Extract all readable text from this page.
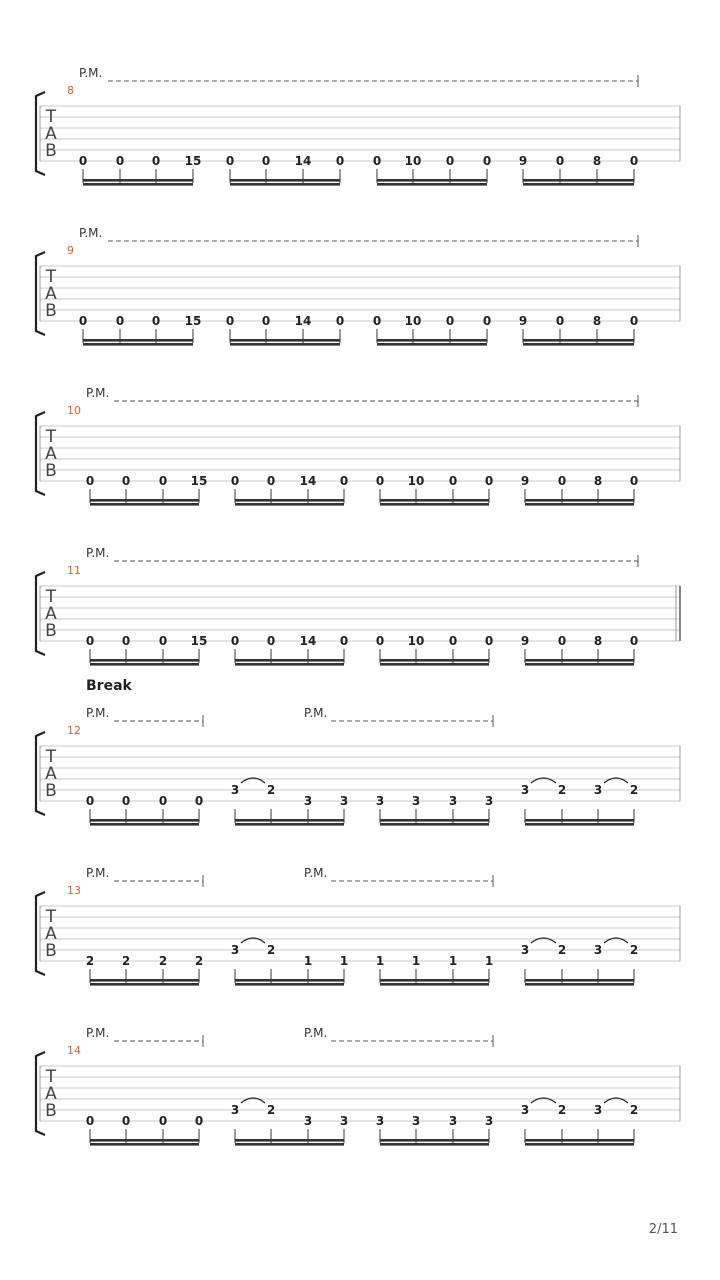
T
A
B
8
P.M.
0 0 0 15 0 0 14 0 0 10 0 0 9 0 8 0
T
A
B
9
P.M.
0 0 0 15 0 0 14 0 0 10 0 0 9 0 8 0
T
A
B
10
P.M.
0 0 0 15 0 0 14 0 0 10 0 0 9 0 8 0
T
A
B
11
P.M.
0 0 0 15 0 0 14 0 0 10 0 0 9 0 8 0
T
A
B
12
Break
P.M.	P.M.
0 0 0 0
3 2
3 3 3 3 3 3
3 2 3 2
T
A
B
13
P.M.	P.M.
2 2 2 2
3 2
1 1 1 1 1 1
3 2 3 2
T
A
B
14
P.M.	P.M.
0 0 0 0
3 2
3 3 3 3 3 3
3 2 3 2
2/11
